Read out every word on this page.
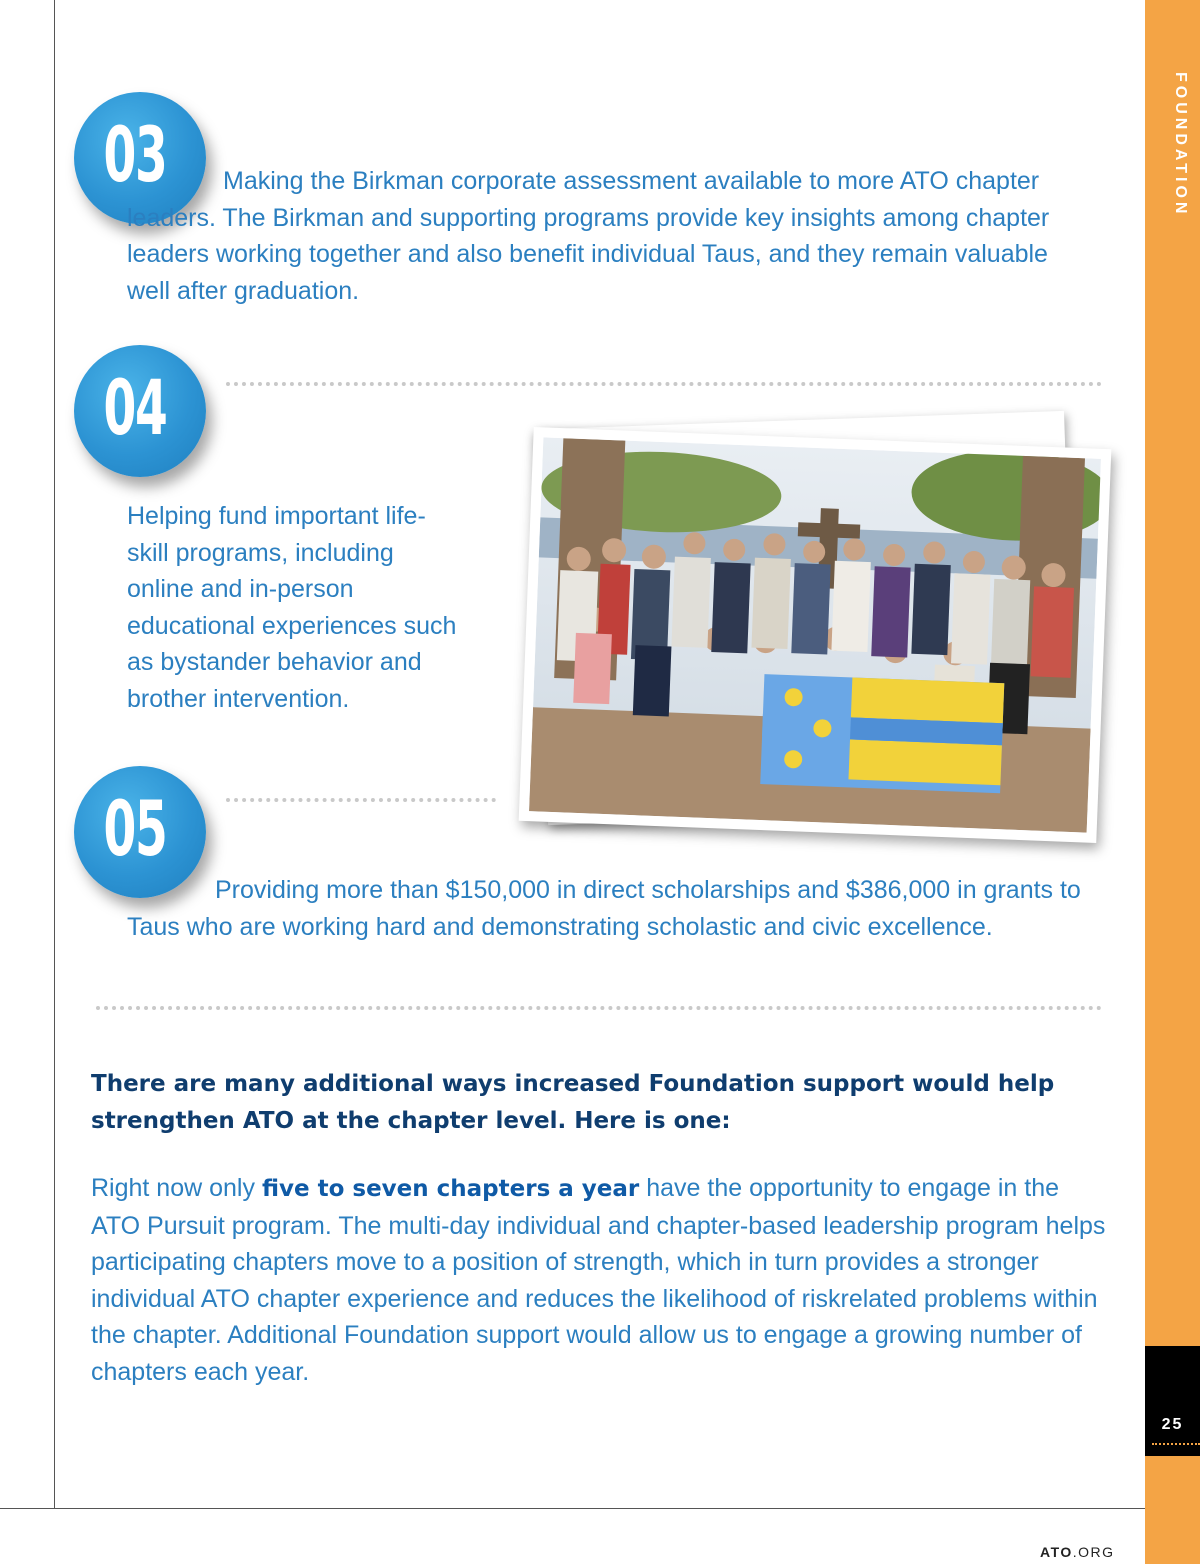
FOUNDATION
25
03	Making the Birkman corporate assessment available to more ATO chapter leaders. The Birkman and supporting programs provide key insights among chapter leaders working together and also benefit individual Taus, and they remain valuable well after graduation.
04
Helping fund important life-skill programs, including online and in-person educational experiences such as bystander behavior and brother intervention.
05
Providing more than $150,000 in direct scholarships and $386,000 in grants to Taus who are working hard and demonstrating scholastic and civic excellence.
There are many additional ways increased Foundation support would help strengthen ATO at the chapter level. Here is one:
Right now only five to seven chapters a year have the opportunity to engage in the ATO Pursuit program. The multi-day individual and chapter-based leadership program helps participating chapters move to a position of strength, which in turn provides a stronger individual ATO chapter experience and reduces the likelihood of riskrelated problems within the chapter. Additional Foundation support would allow us to engage a growing number of chapters each year.
ATO.ORG
